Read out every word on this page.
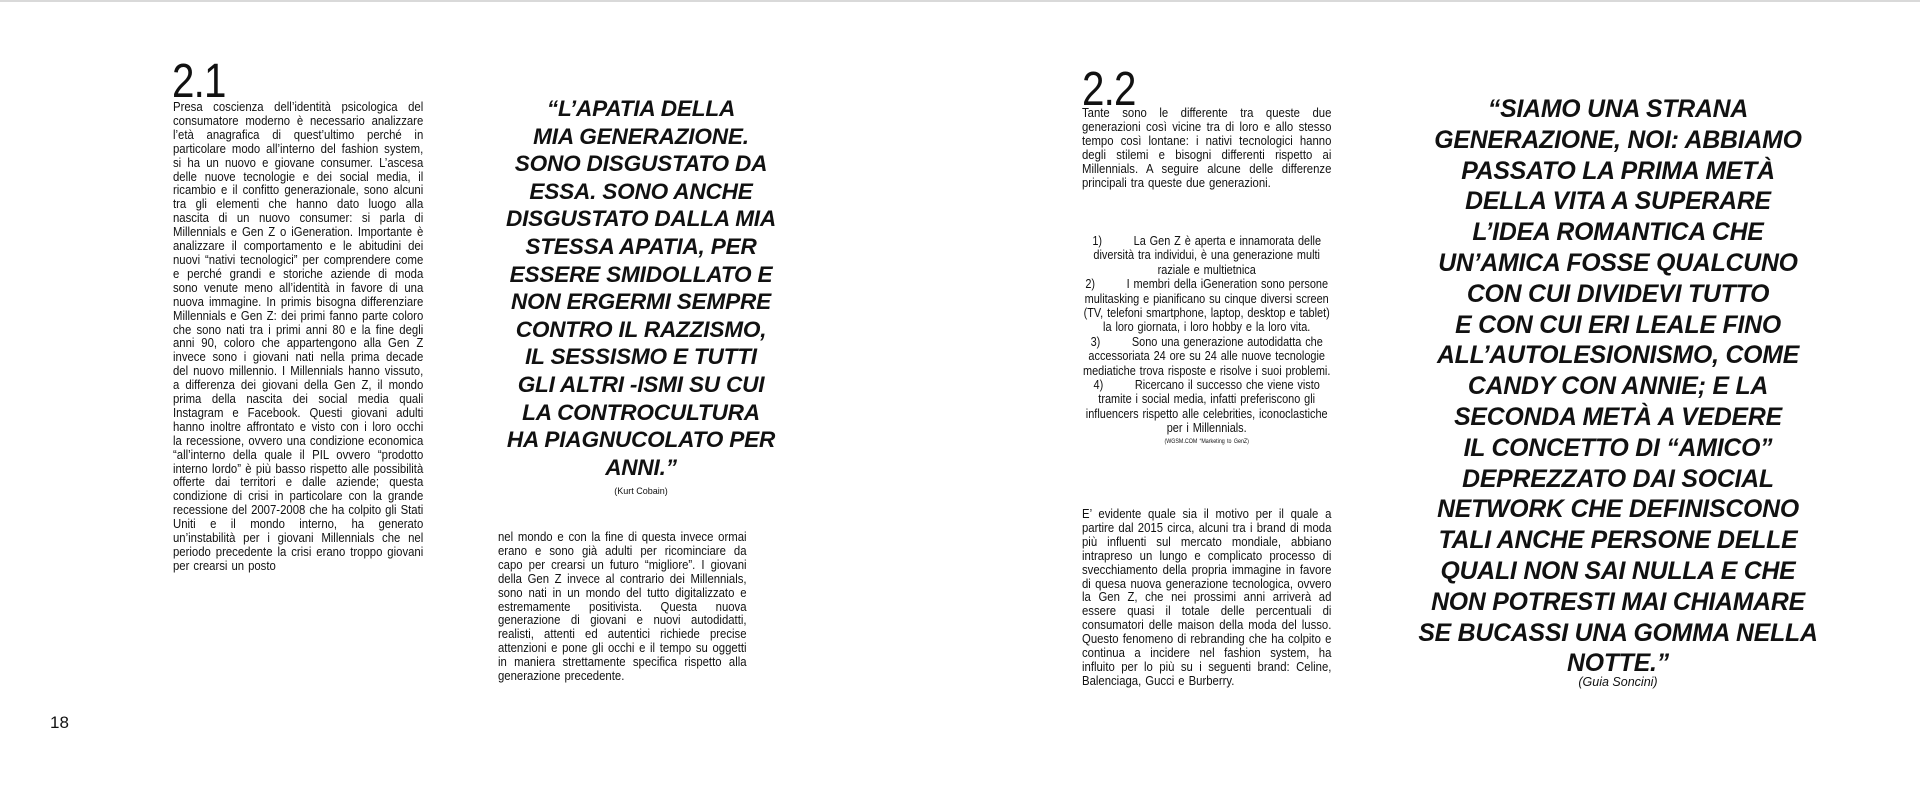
18
2.1

Presa coscienza dell’identità psicologica del consumatore moderno è necessario analizzare l’età anagrafica di quest’ultimo perché in particolare modo all’interno del fashion system, si ha un nuovo e giovane consumer. L’ascesa delle nuove tecnologie e dei social media, il ricambio e il confitto generazionale, sono alcuni tra gli elementi che hanno dato luogo alla nascita di un nuovo consumer: si parla di Millennials e Gen Z o iGeneration. Importante è analizzare il comportamento e le abitudini dei nuovi “nativi tecnologici” per comprendere come e perché grandi e storiche aziende di moda sono venute meno all’identità in favore di una nuova immagine. In primis bisogna differenziare Millennials e Gen Z: dei primi fanno parte coloro che sono nati tra i primi anni 80 e la fine degli anni 90, coloro che appartengono alla Gen Z invece sono i giovani nati nella prima decade del nuovo millennio. I Millennials hanno vissuto, a differenza dei giovani della Gen Z, il mondo prima della nascita dei social media quali Instagram e Facebook. Questi giovani adulti hanno inoltre affrontato e visto con i loro occhi la recessione, ovvero una condizione economica “all’interno della quale il PIL ovvero “prodotto interno lordo” è più basso rispetto alle possibilità offerte dai territori e dalle aziende; questa condizione di crisi in particolare con la grande recessione del 2007-2008 che ha colpito gli Stati Uniti e il mondo interno, ha generato un’instabilità per i giovani Millennials che nel periodo precedente la crisi erano troppo giovani per crearsi un posto

“L’APATIA DELLA
MIA GENERAZIONE.
SONO DISGUSTATO DA
ESSA. SONO ANCHE
DISGUSTATO DALLA MIA
STESSA APATIA, PER
ESSERE SMIDOLLATO E
NON ERGERMI SEMPRE
CONTRO IL RAZZISMO,
IL SESSISMO E TUTTI
GLI ALTRI -ISMI SU CUI
LA CONTROCULTURA
HA PIAGNUCOLATO PER
ANNI.”
(Kurt Cobain)

nel mondo e con la fine di questa invece ormai erano e sono già adulti per ricominciare da capo per crearsi un futuro “migliore”. I giovani della Gen Z invece al contrario dei Millennials, sono nati in un mondo del tutto digitalizzato e estremamente positivista. Questa nuova generazione di giovani e nuovi autodidatti, realisti, attenti ed autentici richiede precise attenzioni e pone gli occhi e il tempo su oggetti in maniera strettamente specifica rispetto alla generazione precedente.

2.2

Tante sono le differente tra queste due generazioni così vicine tra di loro e allo stesso tempo così lontane: i nativi tecnologici hanno degli stilemi e bisogni differenti rispetto ai Millennials. A seguire alcune delle differenze principali tra queste due generazioni.

1) La Gen Z è aperta e innamorata delle diversità tra individui, è una generazione multi raziale e multietnica
2) I membri della iGeneration sono persone mulitasking e pianificano su cinque diversi screen (TV, telefoni smartphone, laptop, desktop e tablet) la loro giornata, i loro hobby e la loro vita.
3) Sono una generazione autodidatta che accessoriata 24 ore su 24 alle nuove tecnologie mediatiche trova risposte e risolve i suoi problemi.
4) Ricercano il successo che viene visto tramite i social media, infatti preferiscono gli influencers rispetto alle celebrities, iconoclastiche per i Millennials.
(WGSM.COM “Marketing to GenZ)

E’ evidente quale sia il motivo per il quale a partire dal 2015 circa, alcuni tra i brand di moda più influenti sul mercato mondiale, abbiano intrapreso un lungo e complicato processo di svecchiamento della propria immagine in favore di quesa nuova generazione tecnologica, ovvero la Gen Z, che nei prossimi anni arriverà ad essere quasi il totale delle percentuali di consumatori delle maison della moda del lusso. Questo fenomeno di rebranding che ha colpito e continua a incidere nel fashion system, ha influito per lo più su i seguenti brand: Celine, Balenciaga, Gucci e Burberry.

“SIAMO UNA STRANA
GENERAZIONE, NOI: ABBIAMO
PASSATO LA PRIMA METÀ
DELLA VITA A SUPERARE
L’IDEA ROMANTICA CHE
UN’AMICA FOSSE QUALCUNO
CON CUI DIVIDEVI TUTTO
E CON CUI ERI LEALE FINO
ALL’AUTOLESIONISMO, COME
CANDY CON ANNIE; E LA
SECONDA METÀ A VEDERE
IL CONCETTO DI “AMICO”
DEPREZZATO DAI SOCIAL
NETWORK CHE DEFINISCONO
TALI ANCHE PERSONE DELLE
QUALI NON SAI NULLA E CHE
NON POTRESTI MAI CHIAMARE
SE BUCASSI UNA GOMMA NELLA
NOTTE.”
(Guia Soncini)
